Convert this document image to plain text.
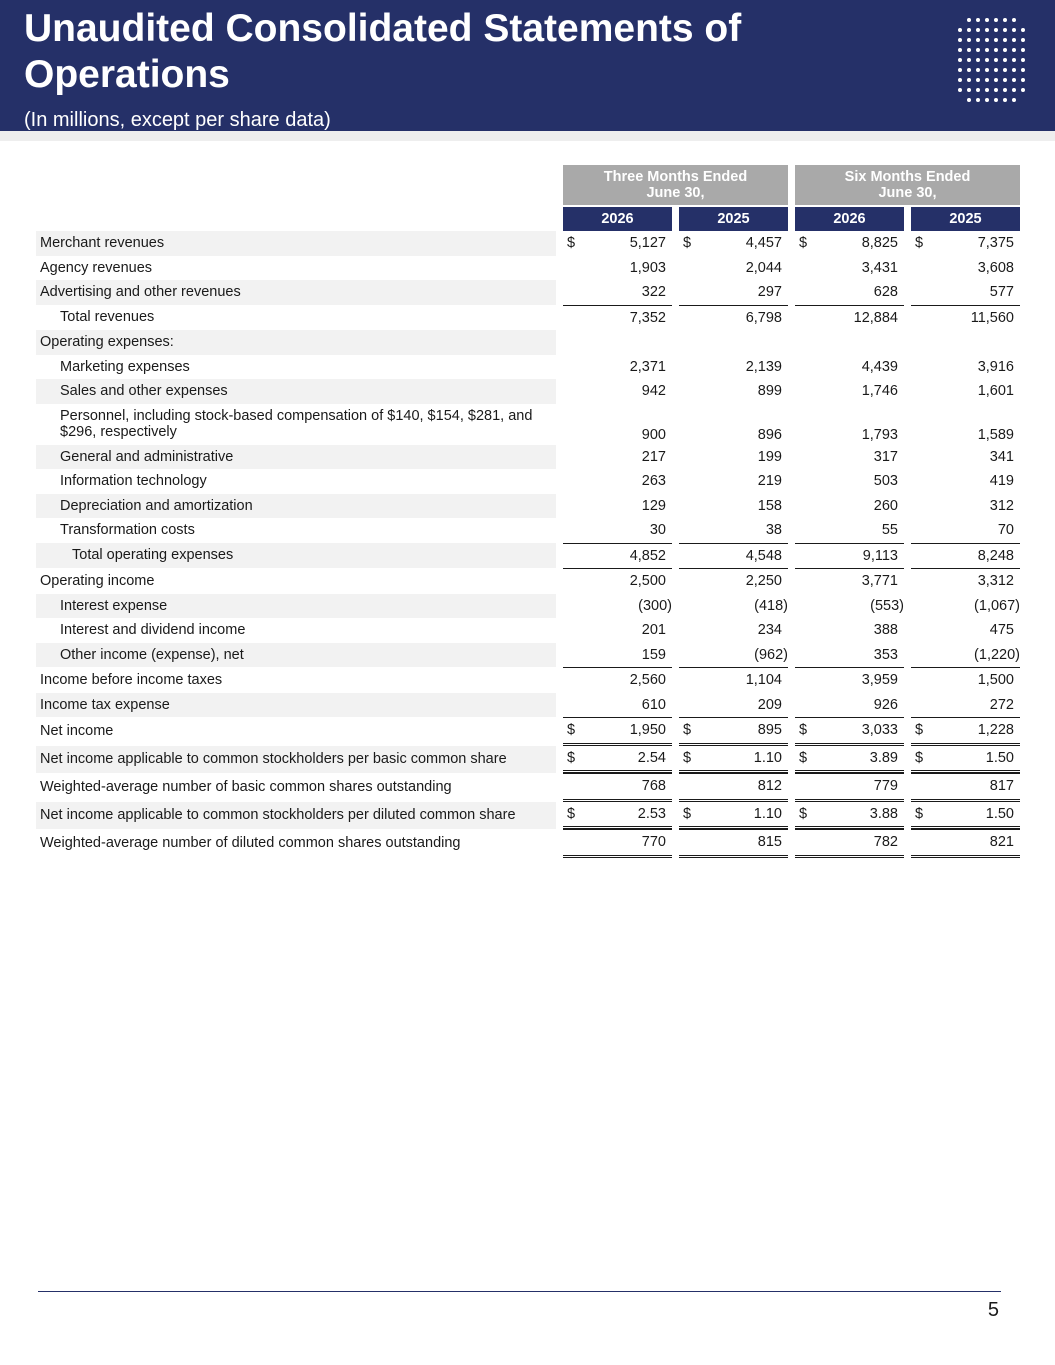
Unaudited Consolidated Statements of Operations
(In millions, except per share data)
		Three Months Ended June 30,				Six Months Ended June 30,		

		2026		2025		2026		2025
Merchant revenues		$ 5,127		$ 4,457		$ 8,825		$ 7,375
Agency revenues		1,903		2,044		3,431		3,608
Advertising and other revenues		322		297		628		577
Total revenues		7,352		6,798		12,884		11,560
Operating expenses:								
Marketing expenses		2,371		2,139		4,439		3,916
Sales and other expenses		942		899		1,746		1,601
Personnel, including stock-based compensation of $140, $154, $281, and $296, respectively		900		896		1,793		1,589
General and administrative		217		199		317		341
Information technology		263		219		503		419
Depreciation and amortization		129		158		260		312
Transformation costs		30		38		55		70
Total operating expenses		4,852		4,548		9,113		8,248
Operating income		2,500		2,250		3,771		3,312
Interest expense		(300)		(418)		(553)		(1,067)
Interest and dividend income		201		234		388		475
Other income (expense), net		159		(962)		353		(1,220)
Income before income taxes		2,560		1,104		3,959		1,500
Income tax expense		610		209		926		272
Net income		$ 1,950		$ 895		$ 3,033		$ 1,228
Net income applicable to common stockholders per basic common share		$ 2.54		$ 1.10		$ 3.89		$ 1.50
Weighted-average number of basic common shares outstanding		768		812		779		817
Net income applicable to common stockholders per diluted common share		$ 2.53		$ 1.10		$ 3.88		$ 1.50
Weighted-average number of diluted common shares outstanding		770		815		782		821
5
